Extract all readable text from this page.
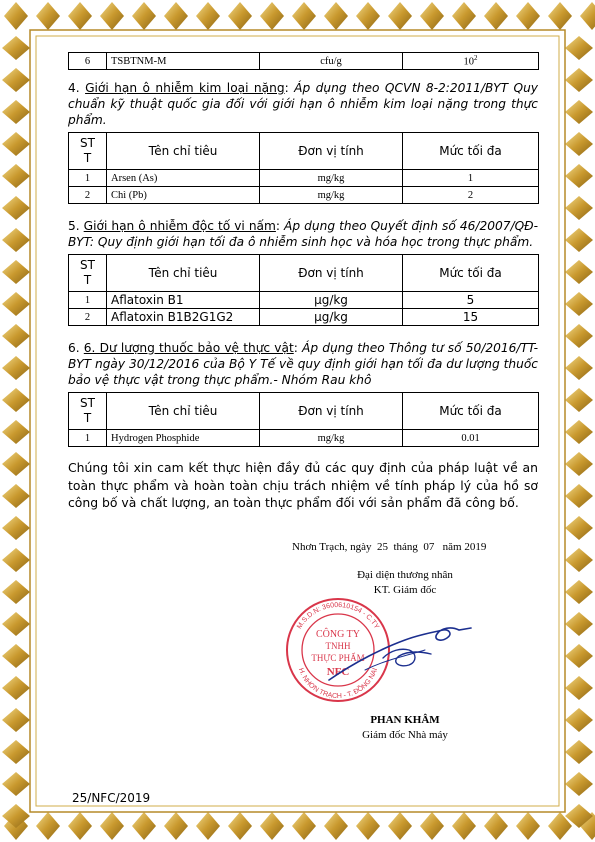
6	TSBTNM-M	cfu/g	$10^2$

4. Giới hạn ô nhiễm kim loại nặng: Áp dụng theo QCVN 8-2:2011/BYT Quy chuẩn kỹ thuật quốc gia đối với giới hạn ô nhiễm kim loại nặng trong thực phẩm.

ST
T	Tên chỉ tiêu	Đơn vị tính	Mức tối đa
1	Arsen (As)	mg/kg	1
2	Chì (Pb)	mg/kg	2

5. Giới hạn ô nhiễm độc tố vi nấm: Áp dụng theo Quyết định số 46/2007/QĐ-BYT: Quy định giới hạn tối đa ô nhiễm sinh học và hóa học trong thực phẩm.

ST
T	Tên chỉ tiêu	Đơn vị tính	Mức tối đa
1	Aflatoxin B1	µg/kg	5
2	Aflatoxin B1B2G1G2	µg/kg	15

6. 6. Dư lượng thuốc bảo vệ thực vật: Áp dụng theo Thông tư số 50/2016/TT-BYT ngày 30/12/2016 của Bộ Y Tế về quy định giới hạn tối đa dư lượng thuốc bảo vệ thực vật trong thực phẩm.- Nhóm Rau khô

ST
T	Tên chỉ tiêu	Đơn vị tính	Mức tối đa
1	Hydrogen Phosphide	mg/kg	0.01

Chúng tôi xin cam kết thực hiện đầy đủ các quy định của pháp luật về an toàn thực phẩm và hoàn toàn chịu trách nhiệm về tính pháp lý của hồ sơ công bố và chất lượng, an toàn thực phẩm đối với sản phẩm đã công bố.

Nhơn Trạch, ngày 25 tháng 07 năm 2019
Đại diện thương nhân
KT. Giám đốc
M.S.D.N: 3600610154 - C.TY
H. NHƠN TRẠCH - T. ĐỒNG NAI
CÔNG TY
TNHH
THỰC PHẨM
NFC
PHAN KHÂM
Giám đốc Nhà máy
25/NFC/2019
